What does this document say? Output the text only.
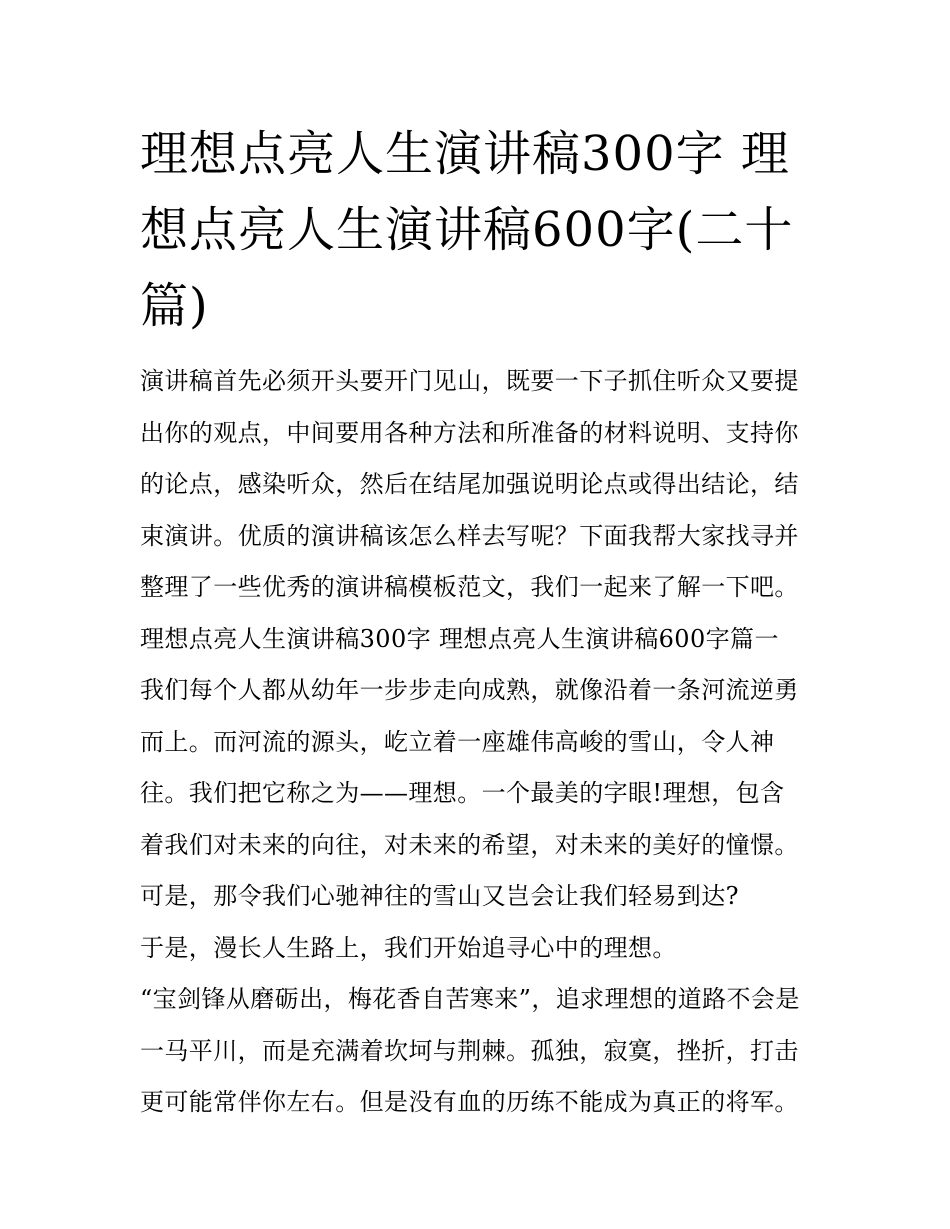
理想点亮人生演讲稿300字 理想点亮人生演讲稿600字(二十篇)
演讲稿首先必须开头要开门见山，既要一下子抓住听众又要提
出你的观点，中间要用各种方法和所准备的材料说明、支持你
的论点，感染听众，然后在结尾加强说明论点或得出结论，结
束演讲。优质的演讲稿该怎么样去写呢？下面我帮大家找寻并
整理了一些优秀的演讲稿模板范文，我们一起来了解一下吧。
理想点亮人生演讲稿300字 理想点亮人生演讲稿600字篇一
我们每个人都从幼年一步步走向成熟，就像沿着一条河流逆勇
而上。而河流的源头，屹立着一座雄伟高峻的雪山，令人神
往。我们把它称之为——理想。一个最美的字眼!理想，包含
着我们对未来的向往，对未来的希望，对未来的美好的憧憬。
可是，那令我们心驰神往的雪山又岂会让我们轻易到达?
于是，漫长人生路上，我们开始追寻心中的理想。
“宝剑锋从磨砺出，梅花香自苦寒来”，追求理想的道路不会是
一马平川，而是充满着坎坷与荆棘。孤独，寂寞，挫折，打击
更可能常伴你左右。但是没有血的历练不能成为真正的将军。
